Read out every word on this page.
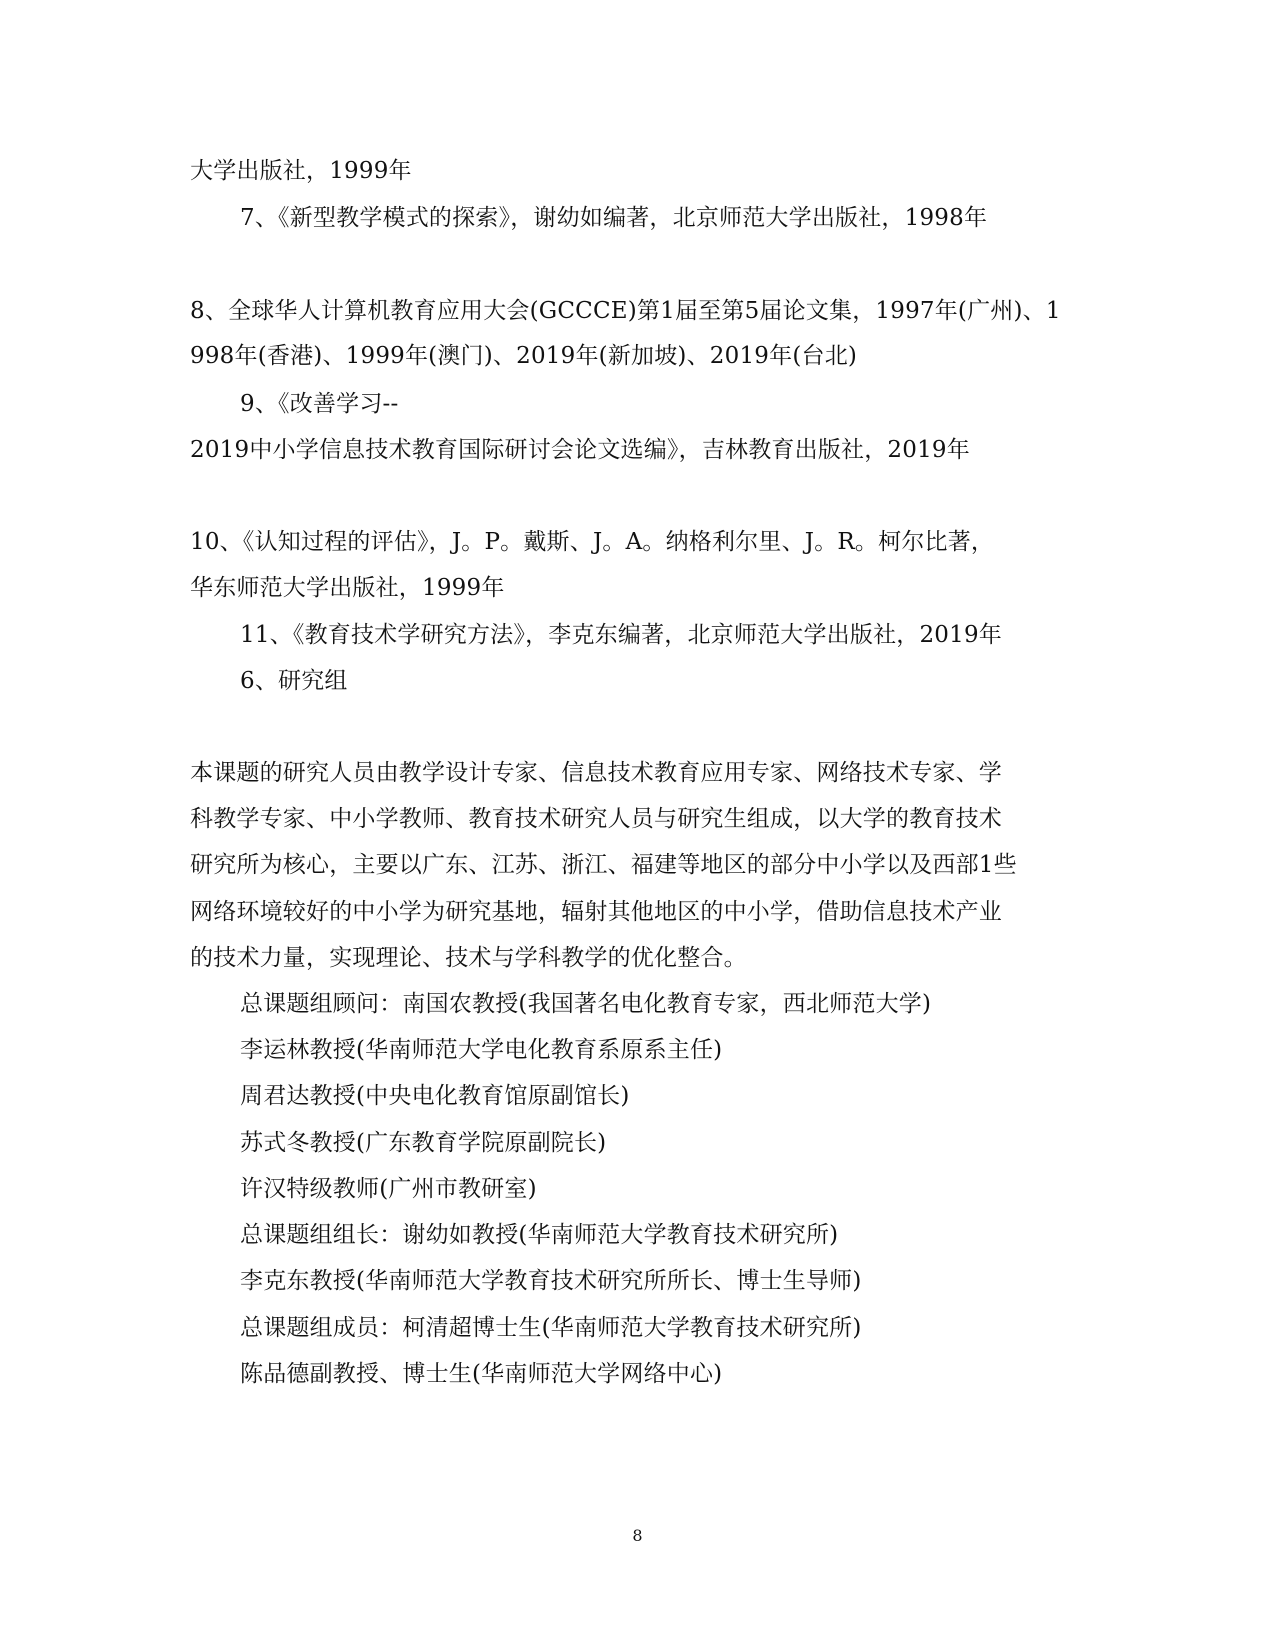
大学出版社，1999年
7、《新型教学模式的探索》，谢幼如编著，北京师范大学出版社，1998年
8、全球华人计算机教育应用大会(GCCCE)第1届至第5届论文集，1997年(广州)、1
998年(香港)、1999年(澳门)、2019年(新加坡)、2019年(台北)
9、《改善学习--
2019中小学信息技术教育国际研讨会论文选编》，吉林教育出版社，2019年
10、《认知过程的评估》，J。P。戴斯、J。A。纳格利尔里、J。R。柯尔比著，
华东师范大学出版社，1999年
11、《教育技术学研究方法》，李克东编著，北京师范大学出版社，2019年
6、研究组
本课题的研究人员由教学设计专家、信息技术教育应用专家、网络技术专家、学
科教学专家、中小学教师、教育技术研究人员与研究生组成，以大学的教育技术
研究所为核心，主要以广东、江苏、浙江、福建等地区的部分中小学以及西部1些
网络环境较好的中小学为研究基地，辐射其他地区的中小学，借助信息技术产业
的技术力量，实现理论、技术与学科教学的优化整合。
总课题组顾问：南国农教授(我国著名电化教育专家，西北师范大学)
李运林教授(华南师范大学电化教育系原系主任)
周君达教授(中央电化教育馆原副馆长)
苏式冬教授(广东教育学院原副院长)
许汉特级教师(广州市教研室)
总课题组组长：谢幼如教授(华南师范大学教育技术研究所)
李克东教授(华南师范大学教育技术研究所所长、博士生导师)
总课题组成员：柯清超博士生(华南师范大学教育技术研究所)
陈品德副教授、博士生(华南师范大学网络中心)
8
